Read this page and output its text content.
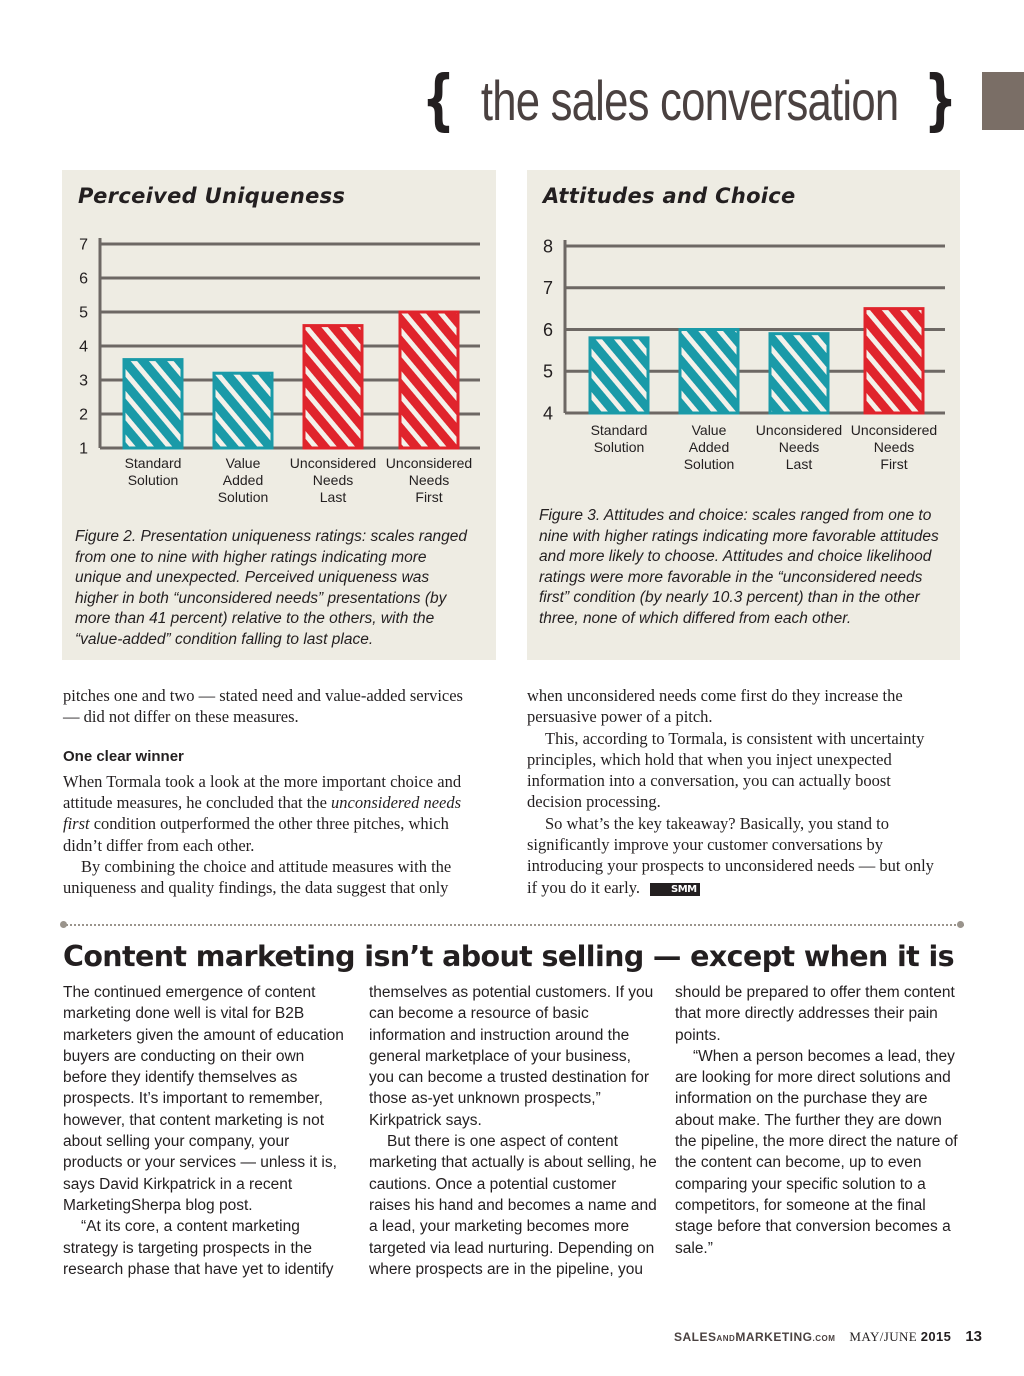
{ the sales conversation }
Perceived Uniqueness
1
2
3
4
5
6
7
Standard
Solution
Value
Added
Solution
Unconsidered
Needs
Last
Unconsidered
Needs
First
Figure 2. Presentation uniqueness ratings: scales ranged from one to nine with higher ratings indicating more unique and unexpected. Perceived uniqueness was higher in both “unconsidered needs” presentations (by more than 41 percent) relative to the others, with the “value-added” condition falling to last place.
Attitudes and Choice
4
5
6
7
8
Standard
Solution
Value
Added
Solution
Unconsidered
Needs
Last
Unconsidered
Needs
First
Figure 3. Attitudes and choice: scales ranged from one to nine with higher ratings indicating more favorable attitudes and more likely to choose. Attitudes and choice likelihood ratings were more favorable in the “unconsidered needs first” condition (by nearly 10.3 percent) than in the other three, none of which differed from each other.

pitches one and two — stated need and value-added services — did not differ on these measures.

One clear winner

When Tormala took a look at the more important choice and attitude measures, he concluded that the unconsidered needs first condition outperformed the other three pitches, which didn’t differ from each other.

By combining the choice and attitude measures with the uniqueness and quality findings, the data suggest that only

when unconsidered needs come first do they increase the persuasive power of a pitch.

This, according to Tormala, is consistent with uncertainty principles, which hold that when you inject unexpected information into a conversation, you can actually boost decision processing.

So what’s the key takeaway? Basically, you stand to significantly improve your customer conversations by introducing your prospects to unconsidered needs — but only if you do it early.	SMM

Content marketing isn’t about selling — except when it is

The continued emergence of content marketing done well is vital for B2B marketers given the amount of education buyers are conducting on their own before they identify themselves as prospects. It’s important to remember, however, that content marketing is not about selling your company, your products or your services — unless it is, says David Kirkpatrick in a recent MarketingSherpa blog post.

“At its core, a content marketing strategy is targeting prospects in the research phase that have yet to identify

themselves as potential customers. If you can become a resource of basic information and instruction around the general marketplace of your business, you can become a trusted destination for those as-yet unknown prospects,” Kirkpatrick says.

But there is one aspect of content marketing that actually is about selling, he cautions. Once a potential customer raises his hand and becomes a name and a lead, your marketing becomes more targeted via lead nurturing. Depending on where prospects are in the pipeline, you

should be prepared to offer them content that more directly addresses their pain points.

“When a person becomes a lead, they are looking for more direct solutions and information on the purchase they are about make. The further they are down the pipeline, the more direct the nature of the content can become, up to even comparing your specific solution to a competitors, for someone at the final stage before that conversion becomes a sale.”

SALESANDMARKETING.COM MAY/JUNE 2015 13
